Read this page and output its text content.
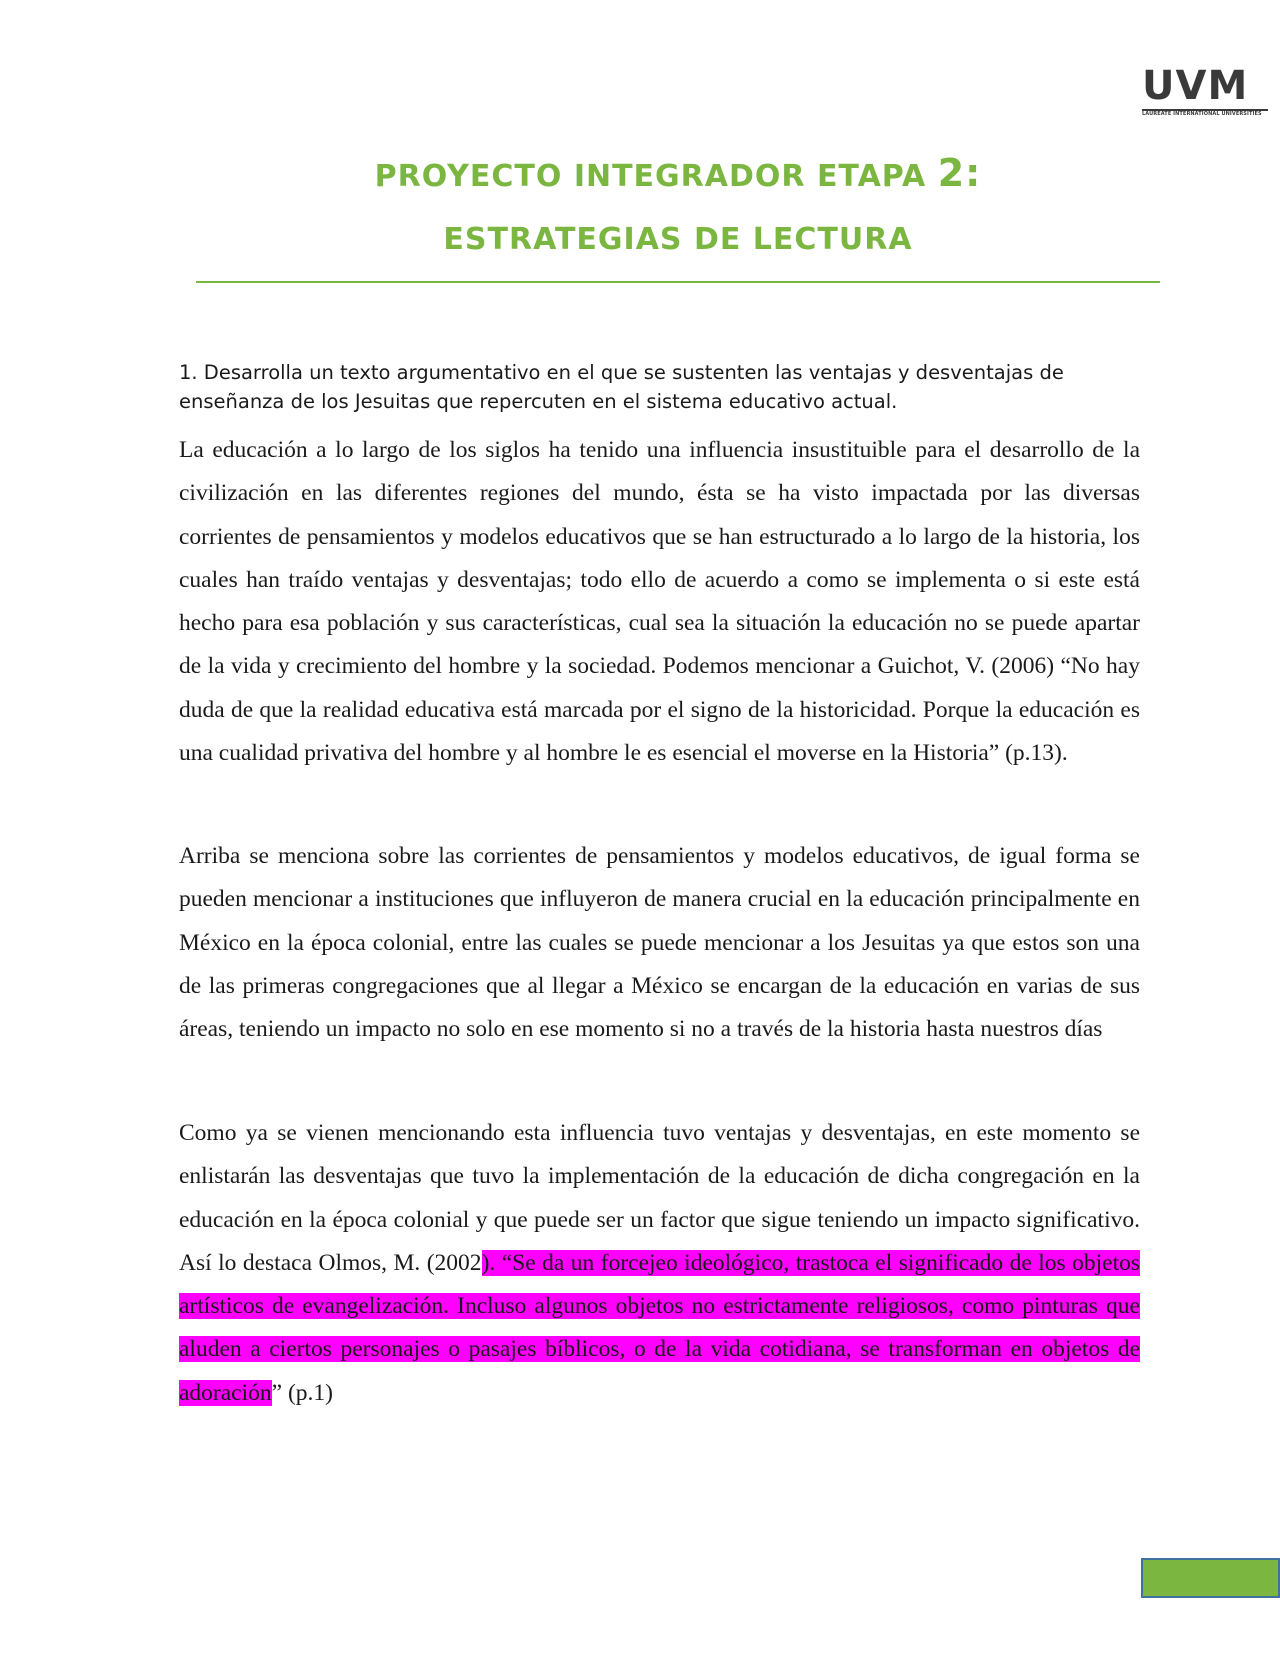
UVM
LAUREATE INTERNATIONAL UNIVERSITIES
PROYECTO INTEGRADOR ETAPA 2:
ESTRATEGIAS DE LECTURA

1. Desarrolla un texto argumentativo en el que se sustenten las ventajas y desventajas de enseñanza de los Jesuitas que repercuten en el sistema educativo actual.

La educación a lo largo de los siglos ha tenido una influencia insustituible para el desarrollo de la civilización en las diferentes regiones del mundo, ésta se ha visto impactada por las diversas corrientes de pensamientos y modelos educativos que se han estructurado a lo largo de la historia, los cuales han traído ventajas y desventajas; todo ello de acuerdo a como se implementa o si este está hecho para esa población y sus características, cual sea la situación la educación no se puede apartar de la vida y crecimiento del hombre y la sociedad. Podemos mencionar a Guichot, V. (2006) “No hay duda de que la realidad educativa está marcada por el signo de la historicidad. Porque la educación es una cualidad privativa del hombre y al hombre le es esencial el moverse en la Historia” (p.13).

Arriba se menciona sobre las corrientes de pensamientos y modelos educativos, de igual forma se pueden mencionar a instituciones que influyeron de manera crucial en la educación principalmente en México en la época colonial, entre las cuales se puede mencionar a los Jesuitas ya que estos son una de las primeras congregaciones que al llegar a México se encargan de la educación en varias de sus áreas, teniendo un impacto no solo en ese momento si no a través de la historia hasta nuestros días

Como ya se vienen mencionando esta influencia tuvo ventajas y desventajas, en este momento se enlistarán las desventajas que tuvo la implementación de la educación de dicha congregación en la educación en la época colonial y que puede ser un factor que sigue teniendo un impacto significativo. Así lo destaca Olmos, M. (2002). “Se da un forcejeo ideológico, trastoca el significado de los objetos artísticos de evangelización. Incluso algunos objetos no estrictamente religiosos, como pinturas que aluden a ciertos personajes o pasajes bíblicos, o de la vida cotidiana, se transforman en objetos de adoración” (p.1)
